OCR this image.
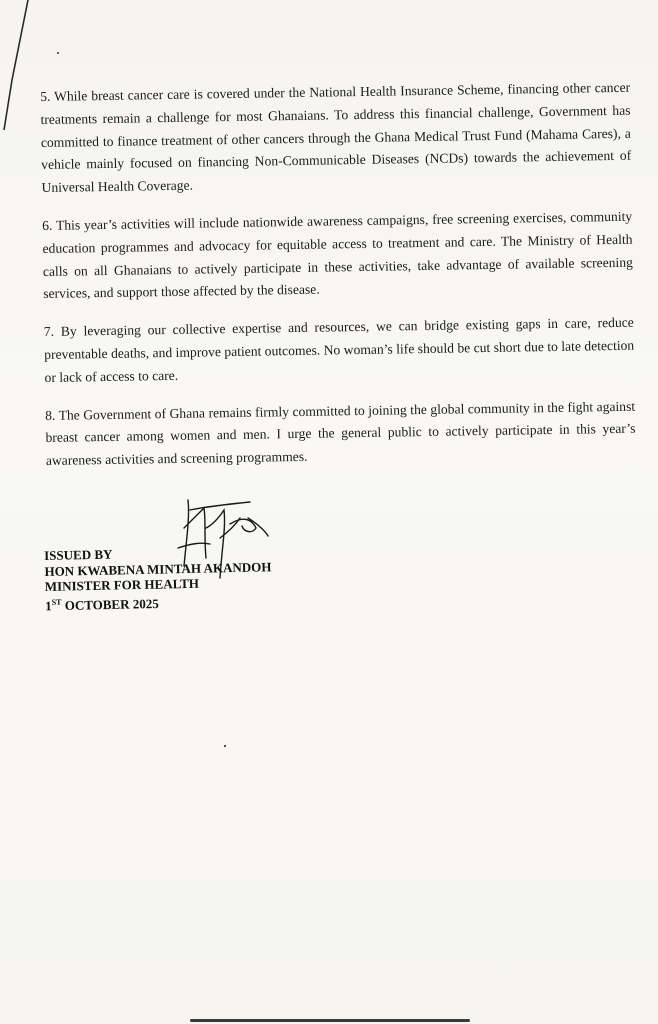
5. While breast cancer care is covered under the National Health Insurance Scheme, financing other cancer treatments remain a challenge for most Ghanaians. To address this financial challenge, Government has committed to finance treatment of other cancers through the Ghana Medical Trust Fund (Mahama Cares), a vehicle mainly focused on financing Non-Communicable Diseases (NCDs) towards the achievement of Universal Health Coverage.

6. This year’s activities will include nationwide awareness campaigns, free screening exercises, community education programmes and advocacy for equitable access to treatment and care. The Ministry of Health calls on all Ghanaians to actively participate in these activities, take advantage of available screening services, and support those affected by the disease.

7. By leveraging our collective expertise and resources, we can bridge existing gaps in care, reduce preventable deaths, and improve patient outcomes. No woman’s life should be cut short due to late detection or lack of access to care.

8. The Government of Ghana remains firmly committed to joining the global community in the fight against breast cancer among women and men. I urge the general public to actively participate in this year’s awareness activities and screening programmes.

ISSUED BY
HON KWABENA MINTAH AKANDOH
MINISTER FOR HEALTH
1ST OCTOBER 2025
